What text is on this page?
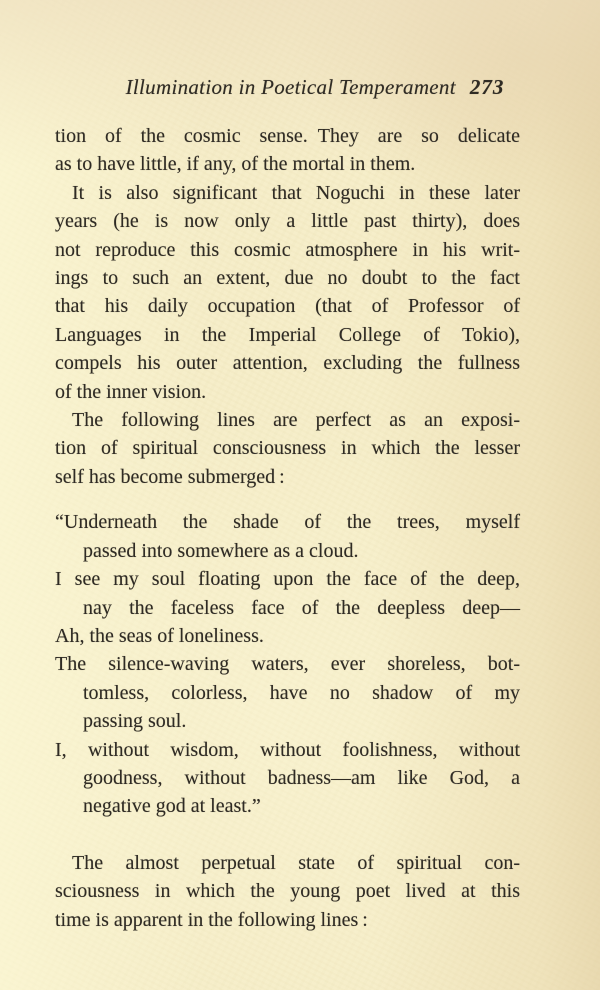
Illumination in Poetical Temperament 273
tion of the cosmic sense. They are so delicate
as to have little, if any, of the mortal in them.
It is also significant that Noguchi in these later
years (he is now only a little past thirty), does
not reproduce this cosmic atmosphere in his writ-
ings to such an extent, due no doubt to the fact
that his daily occupation (that of Professor of
Languages in the Imperial College of Tokio),
compels his outer attention, excluding the fullness
of the inner vision.
The following lines are perfect as an exposi-
tion of spiritual consciousness in which the lesser
self has become submerged :
“Underneath the shade of the trees, myself
passed into somewhere as a cloud.
I see my soul floating upon the face of the deep,
nay the faceless face of the deepless deep—
Ah, the seas of loneliness.
The silence-waving waters, ever shoreless, bot-
tomless, colorless, have no shadow of my
passing soul.
I, without wisdom, without foolishness, without
goodness, without badness—am like God, a
negative god at least.”
The almost perpetual state of spiritual con-
sciousness in which the young poet lived at this
time is apparent in the following lines :
